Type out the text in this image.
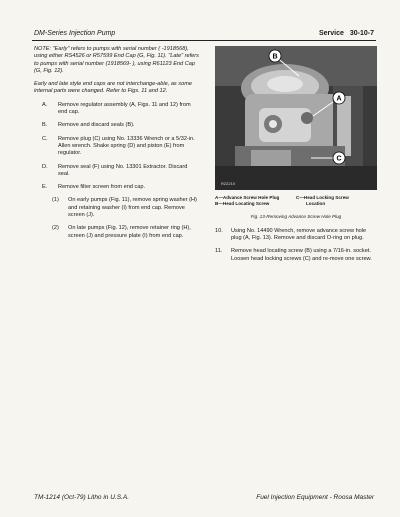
DM-Series Injection Pump	Service 30-10-7

NOTE: "Early" refers to pumps with serial number ( -1918568), using either RS4526 or R57599 End Cap (G, Fig. 11). "Late" refers to pumps with serial number (1918569- ), using R61123 End Cap (G, Fig. 12).

Early and late style end caps are not interchange-able, as some internal parts were changed. Refer to Figs. 11 and 12.

A.	Remove regulator assembly (A, Figs. 11 and 12) from end cap.
B.	Remove and discard seals (B).
C.	Remove plug (C) using No. 13336 Wrench or a 5/32-in. Allen wrench. Shake spring (D) and piston (E) from regulator.
D.	Remove seal (F) using No. 13301 Extractor. Discard seal.
E.	Remove filter screen from end cap.
(1)	On early pumps (Fig. 11), remove spring washer (H) and retaining washer (I) from end cap. Remove screen (J).
(2)	On late pumps (Fig. 12), remove retainer ring (H), screen (J) and pressure plate (I) from end cap.
B
A
C
R22210
A—Advance Screw Hole Plug
B—Head Locating Screw
C—Head Locking Screw
Location
Fig. 13-Removing Advance Screw Hole Plug
10.	Using No. 14490 Wrench, remove advance screw hole plug (A, Fig. 13). Remove and discard O-ring on plug.
11.	Remove head locating screw (B) using a 7/16-in. socket. Loosen head locking screws (C) and re-move one screw.
TM-1214 (Oct-79) Litho in U.S.A.	Fuel Injection Equipment - Roosa Master
